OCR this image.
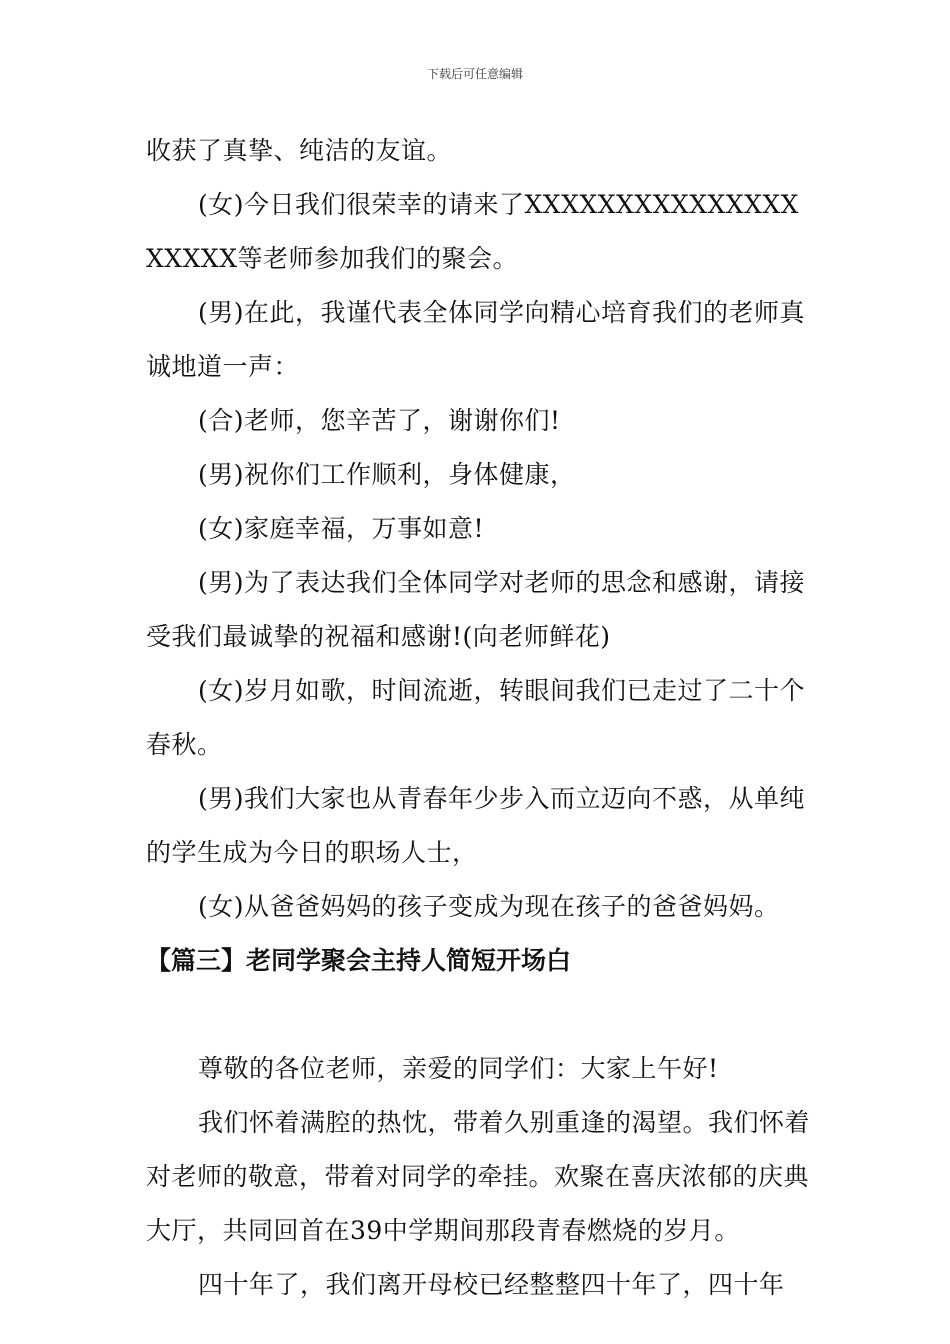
下载后可任意编辑

收获了真挚、纯洁的友谊。

(女)今日我们很荣幸的请来了XXXXXXXXXXXXXXXXXXXX等老师参加我们的聚会。

(男)在此，我谨代表全体同学向精心培育我们的老师真诚地道一声：

(合)老师，您辛苦了，谢谢你们!

(男)祝你们工作顺利，身体健康，

(女)家庭幸福，万事如意!

(男)为了表达我们全体同学对老师的思念和感谢，请接受我们最诚挚的祝福和感谢!(向老师鲜花)

(女)岁月如歌，时间流逝，转眼间我们已走过了二十个春秋。

(男)我们大家也从青春年少步入而立迈向不惑，从单纯的学生成为今日的职场人士，

(女)从爸爸妈妈的孩子变成为现在孩子的爸爸妈妈。

【篇三】老同学聚会主持人简短开场白

尊敬的各位老师，亲爱的同学们：大家上午好!

我们怀着满腔的热忱，带着久别重逢的渴望。我们怀着对老师的敬意，带着对同学的牵挂。欢聚在喜庆浓郁的庆典大厅，共同回首在39中学期间那段青春燃烧的岁月。

四十年了，我们离开母校已经整整四十年了，四十年
